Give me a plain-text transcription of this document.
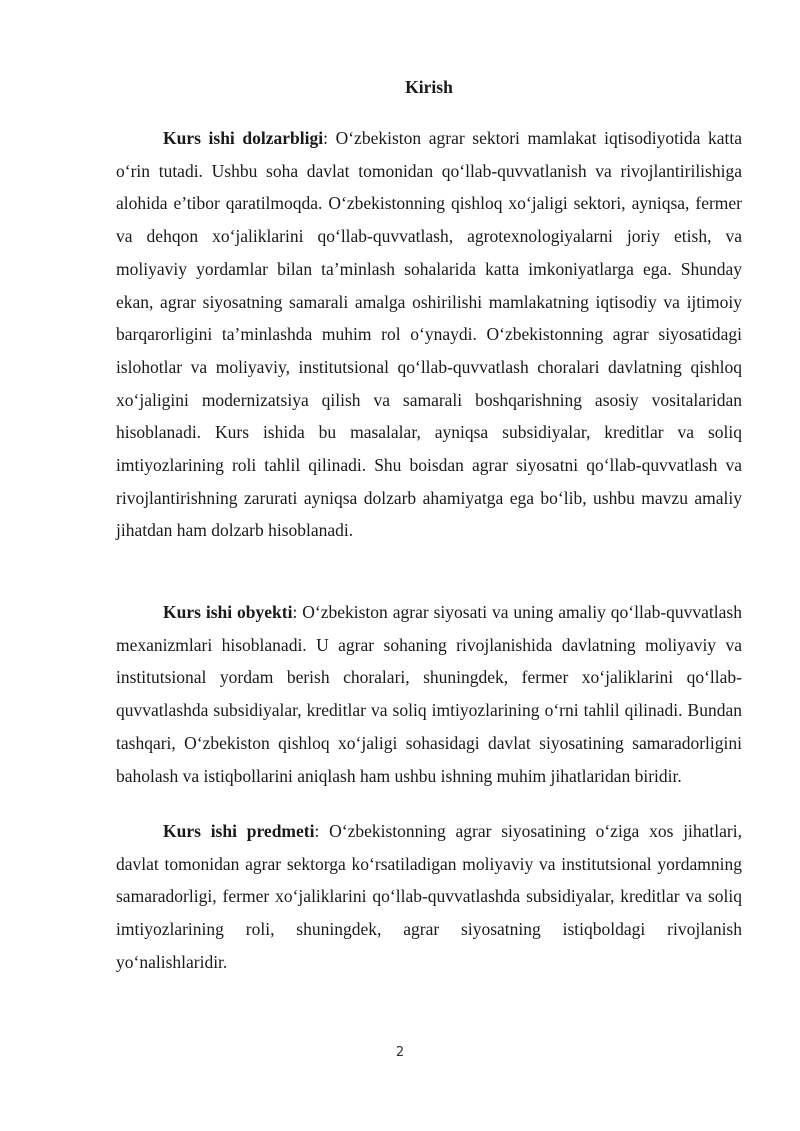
Kirish

Kurs ishi dolzarbligi: O‘zbekiston agrar sektori mamlakat iqtisodiyotida katta o‘rin tutadi. Ushbu soha davlat tomonidan qo‘llab-quvvatlanish va rivojlantirilishiga alohida e’tibor qaratilmoqda. O‘zbekistonning qishloq xo‘jaligi sektori, ayniqsa, fermer va dehqon xo‘jaliklarini qo‘llab-quvvatlash, agrotexnologiyalarni joriy etish, va moliyaviy yordamlar bilan ta’minlash sohalarida katta imkoniyatlarga ega. Shunday ekan, agrar siyosatning samarali amalga oshirilishi mamlakatning iqtisodiy va ijtimoiy barqarorligini ta’minlashda muhim rol o‘ynaydi. O‘zbekistonning agrar siyosatidagi islohotlar va moliyaviy, institutsional qo‘llab-quvvatlash choralari davlatning qishloq xo‘jaligini modernizatsiya qilish va samarali boshqarishning asosiy vositalaridan hisoblanadi. Kurs ishida bu masalalar, ayniqsa subsidiyalar, kreditlar va soliq imtiyozlarining roli tahlil qilinadi. Shu boisdan agrar siyosatni qo‘llab-quvvatlash va rivojlantirishning zarurati ayniqsa dolzarb ahamiyatga ega bo‘lib, ushbu mavzu amaliy jihatdan ham dolzarb hisoblanadi.

Kurs ishi obyekti: O‘zbekiston agrar siyosati va uning amaliy qo‘llab-quvvatlash mexanizmlari hisoblanadi. U agrar sohaning rivojlanishida davlatning moliyaviy va institutsional yordam berish choralari, shuningdek, fermer xo‘jaliklarini qo‘llab-quvvatlashda subsidiyalar, kreditlar va soliq imtiyozlarining o‘rni tahlil qilinadi. Bundan tashqari, O‘zbekiston qishloq xo‘jaligi sohasidagi davlat siyosatining samaradorligini baholash va istiqbollarini aniqlash ham ushbu ishning muhim jihatlaridan biridir.

Kurs ishi predmeti: O‘zbekistonning agrar siyosatining o‘ziga xos jihatlari, davlat tomonidan agrar sektorga ko‘rsatiladigan moliyaviy va institutsional yordamning samaradorligi, fermer xo‘jaliklarini qo‘llab-quvvatlashda subsidiyalar, kreditlar va soliq imtiyozlarining roli, shuningdek, agrar siyosatning istiqboldagi rivojlanish yo‘nalishlaridir.

2
